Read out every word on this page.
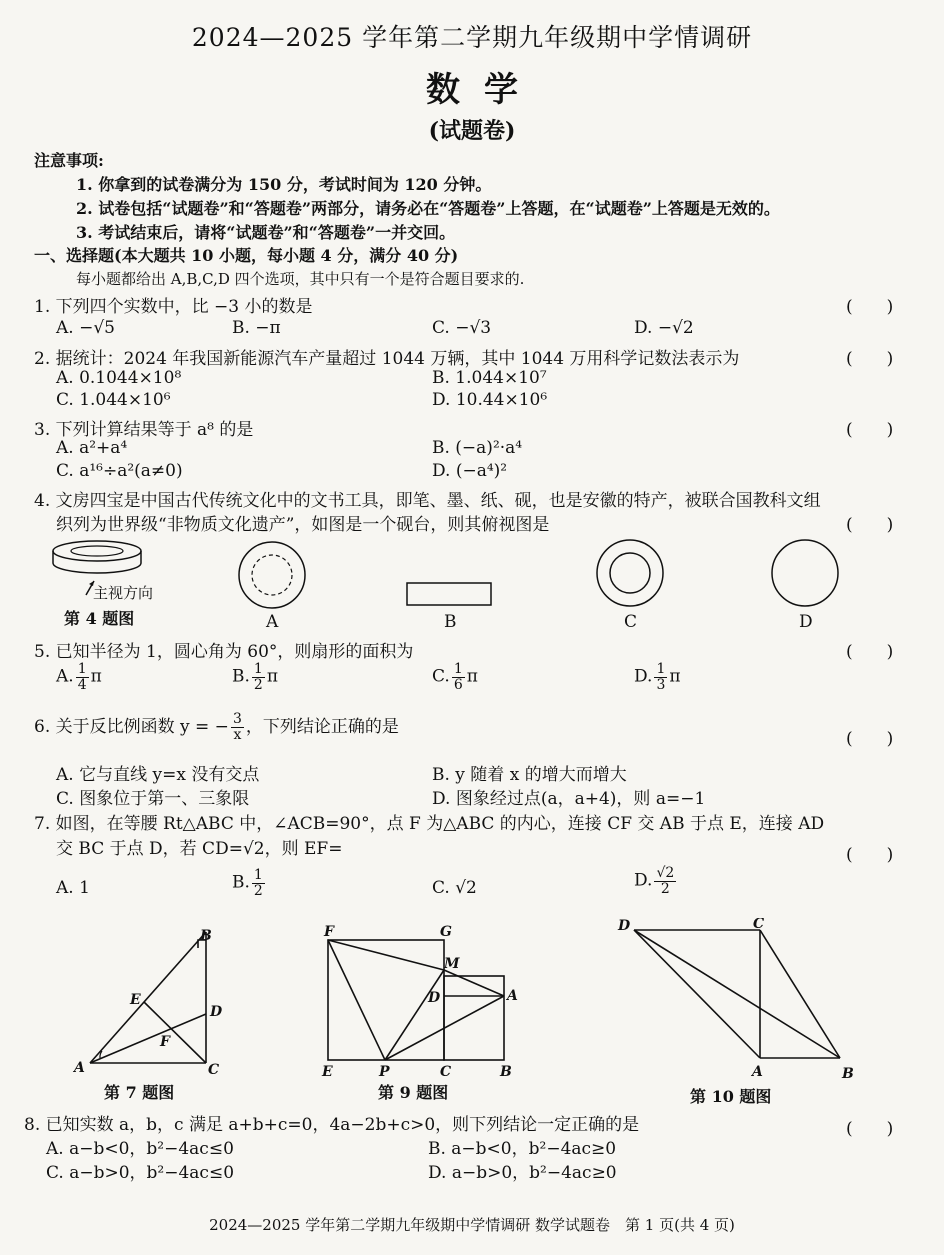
2024—2025 学年第二学期九年级期中学情调研
数学
(试题卷)
注意事项:
1. 你拿到的试卷满分为 150 分，考试时间为 120 分钟。
2. 试卷包括“试题卷”和“答题卷”两部分，请务必在“答题卷”上答题，在“试题卷”上答题是无效的。
3. 考试结束后，请将“试题卷”和“答题卷”一并交回。
一、选择题(本大题共 10 小题，每小题 4 分，满分 40 分)
每小题都给出 A,B,C,D 四个选项，其中只有一个是符合题目要求的.
1. 下列四个实数中，比 −3 小的数是	(　　)
A. −√5	B. −π	C. −√3	D. −√2
2. 据统计：2024 年我国新能源汽车产量超过 1044 万辆，其中 1044 万用科学记数法表示为	(　　)
A. 0.1044×10⁸	B. 1.044×10⁷
C. 1.044×10⁶	D. 10.44×10⁶
3. 下列计算结果等于 a⁸ 的是	(　　)
A. a²+a⁴	B. (−a)²·a⁴
C. a¹⁶÷a²(a≠0)	D. (−a⁴)²
4. 文房四宝是中国古代传统文化中的文书工具，即笔、墨、纸、砚，也是安徽的特产，被联合国教科文组
织列为世界级“非物质文化遗产”，如图是一个砚台，则其俯视图是	(　　)
主视方向
第 4 题图	A	B	C	D
5. 已知半径为 1，圆心角为 60°，则扇形的面积为	(　　)
A. $\frac{1}{4}$ π	B. $\frac{1}{2}$ π	C. $\frac{1}{6}$ π	D. $\frac{1}{3}$ π
6. 关于反比例函数 y = − $\frac{3}{x}$ ，下列结论正确的是
(　　)
A. 它与直线 y=x 没有交点	B. y 随着 x 的增大而增大
C. 图象位于第一、三象限	D. 图象经过点(a，a+4)，则 a=−1
7. 如图，在等腰 Rt△ABC 中，∠ACB=90°，点 F 为△ABC 的内心，连接 CF 交 AB 于点 E，连接 AD
交 BC 于点 D，若 CD=√2，则 EF=	(　　)
A. 1	B. $\frac{1}{2}$	C. √2	D. $\frac{√2}{2}$
B
E
D
F
A	C
F	G
M
D	A
E	P	C	B
D	C
A	B
第 7 题图	第 9 题图	第 10 题图
8. 已知实数 a，b，c 满足 a+b+c=0，4a−2b+c>0，则下列结论一定正确的是	(　　)
A. a−b<0，b²−4ac≤0	B. a−b<0，b²−4ac≥0
C. a−b>0，b²−4ac≤0	D. a−b>0，b²−4ac≥0
2024—2025 学年第二学期九年级期中学情调研 数学试题卷　第 1 页(共 4 页)
